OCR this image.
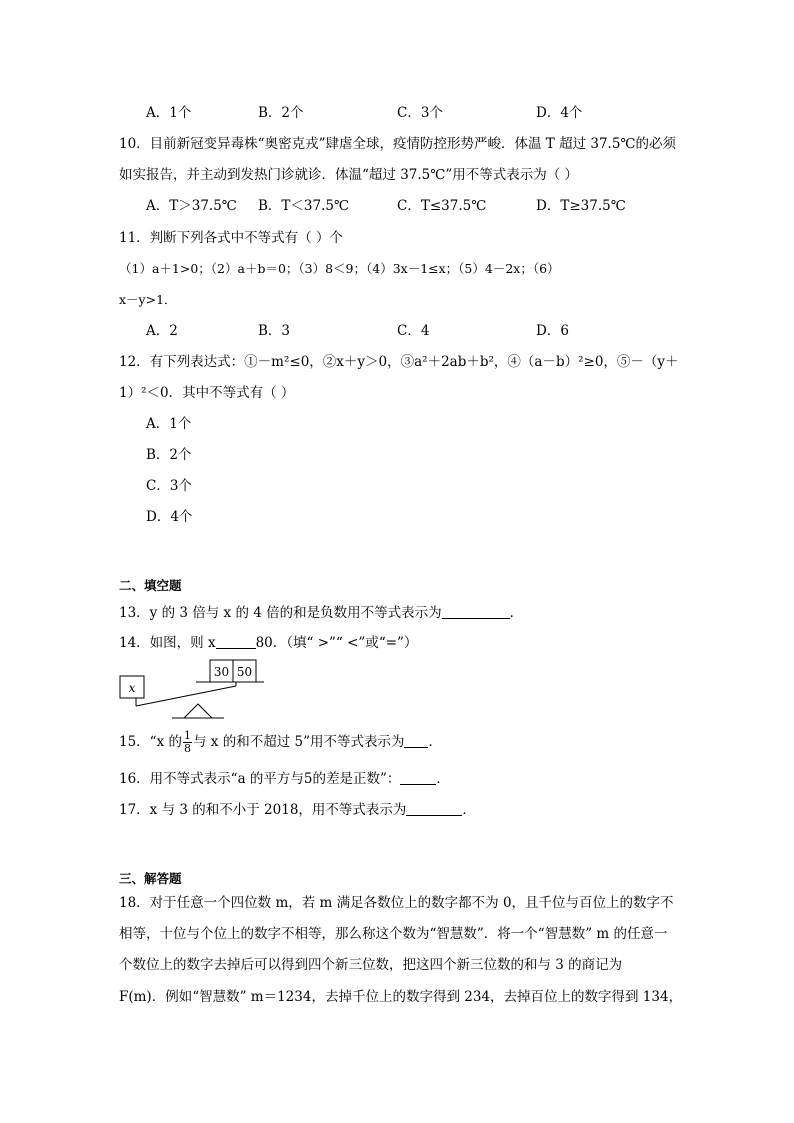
A．1个	B．2个	C．3个	D．4个
10．目前新冠变异毒株“奥密克戎”肆虐全球，疫情防控形势严峻．体温 T 超过 37.5℃的必须
如实报告，并主动到发热门诊就诊．体温“超过 37.5℃”用不等式表示为（ ）
A．T＞37.5℃ B．T＜37.5℃	C．T≤37.5℃	D．T≥37.5℃
11．判断下列各式中不等式有（ ）个
（1）a＋1>0；（2）a＋b＝0；（3）8＜9；（4）3x－1≤x；（5）4－2x；（6）
x－y>1．
A．2	B．3	C．4	D．6
12．有下列表达式：①－m²≤0，②x＋y＞0，③a²＋2ab＋b²，④（a－b）²≥0，⑤－（y＋
1）²＜0．其中不等式有（ ）
A．1个
B．2个
C．3个
D．4个
二、填空题
13．y 的 3 倍与 x 的 4 倍的和是负数用不等式表示为	．
14．如图，则 x	80．（填“ >”“ <”或“=”）
x
30 50
15．“x 的 $\frac{1}{8}$ 与 x 的和不超过 5”用不等式表示为 ．
16．用不等式表示“a 的平方与5的差是正数”：	．
17．x 与 3 的和不小于 2018，用不等式表示为	．
三、解答题
18．对于任意一个四位数 m，若 m 满足各数位上的数字都不为 0，且千位与百位上的数字不
相等，十位与个位上的数字不相等，那么称这个数为“智慧数”．将一个“智慧数” m 的任意一
个数位上的数字去掉后可以得到四个新三位数，把这四个新三位数的和与 3 的商记为
F(m)．例如“智慧数” m＝1234，去掉千位上的数字得到 234，去掉百位上的数字得到 134，
